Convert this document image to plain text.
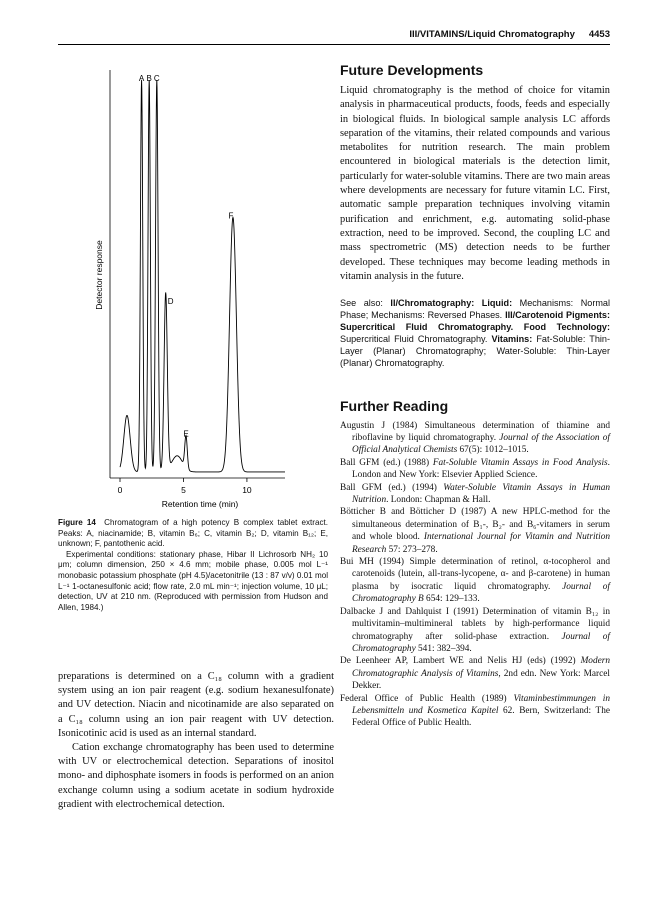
III/VITAMINS/Liquid Chromatography 4453
0	5	10
A B C
D
E
F
Retention time (min)
Detector response

Figure 14 Chromatogram of a high potency B complex tablet extract. Peaks: A, niacinamide; B, vitamin B₆; C, vitamin B₂; D, vitamin B₁₂; E, unknown; F, pantothenic acid.

Experimental conditions: stationary phase, Hibar II Lichrosorb NH₂ 10 μm; column dimension, 250 × 4.6 mm; mobile phase, 0.005 mol L⁻¹ monobasic potassium phosphate (pH 4.5)/acetonitrile (13 : 87 v/v) 0.01 mol L⁻¹ 1-octanesulfonic acid; flow rate, 2.0 mL min⁻¹; injection volume, 10 μL; detection, UV at 210 nm. (Reproduced with permission from Hudson and Allen, 1984.)

preparations is determined on a C₁₈ column with a gradient system using an ion pair reagent (e.g. sodium hexanesulfonate) and UV detection. Niacin and nicotinamide are also separated on a C₁₈ column using an ion pair reagent with UV detection. Isonicotinic acid is used as an internal standard.

Cation exchange chromatography has been used to determine with UV or electrochemical detection. Separations of inositol mono- and diphosphate isomers in foods is performed on an anion exchange column using a sodium acetate in sodium hydroxide gradient with electrochemical detection.

Future Developments

Liquid chromatography is the method of choice for vitamin analysis in pharmaceutical products, foods, feeds and especially in biological fluids. In biological sample analysis LC affords separation of the vitamins, their related compounds and various metabolites for nutrition research. The main problem encountered in biological materials is the detection limit, particularly for water-soluble vitamins. There are two main areas where developments are necessary for future vitamin LC. First, automatic sample preparation techniques involving vitamin purification and enrichment, e.g. automating solid-phase extraction, need to be improved. Second, the coupling LC and mass spectrometric (MS) detection needs to be further developed. These techniques may become leading methods in vitamin analysis in the future.

See also: II/Chromatography: Liquid: Mechanisms: Normal Phase; Mechanisms: Reversed Phases. III/Carotenoid Pigments: Supercritical Fluid Chromatography. Food Technology: Supercritical Fluid Chromatography. Vitamins: Fat-Soluble: Thin-Layer (Planar) Chromatography; Water-Soluble: Thin-Layer (Planar) Chromatography.

Further Reading

Augustin J (1984) Simultaneous determination of thiamine and riboflavine by liquid chromatography. Journal of the Association of Official Analytical Chemists 67(5): 1012–1015.

Ball GFM (ed.) (1988) Fat-Soluble Vitamin Assays in Food Analysis. London and New York: Elsevier Applied Science.

Ball GFM (ed.) (1994) Water-Soluble Vitamin Assays in Human Nutrition. London: Chapman & Hall.

Bötticher B and Bötticher D (1987) A new HPLC-method for the simultaneous determination of B₁-, B₂- and B₆-vitamers in serum and whole blood. International Journal for Vitamin and Nutrition Research 57: 273–278.

Bui MH (1994) Simple determination of retinol, α-tocopherol and carotenoids (lutein, all-trans-lycopene, α- and β-carotene) in human plasma by isocratic liquid chromatography. Journal of Chromatography B 654: 129–133.

Dalbacke J and Dahlquist I (1991) Determination of vitamin B₁₂ in multivitamin–multimineral tablets by high-performance liquid chromatography after solid-phase extraction. Journal of Chromatography 541: 382–394.

De Leenheer AP, Lambert WE and Nelis HJ (eds) (1992) Modern Chromatographic Analysis of Vitamins, 2nd edn. New York: Marcel Dekker.

Federal Office of Public Health (1989) Vitaminbestimmungen in Lebensmitteln und Kosmetica Kapitel 62. Bern, Switzerland: The Federal Office of Public Health.
